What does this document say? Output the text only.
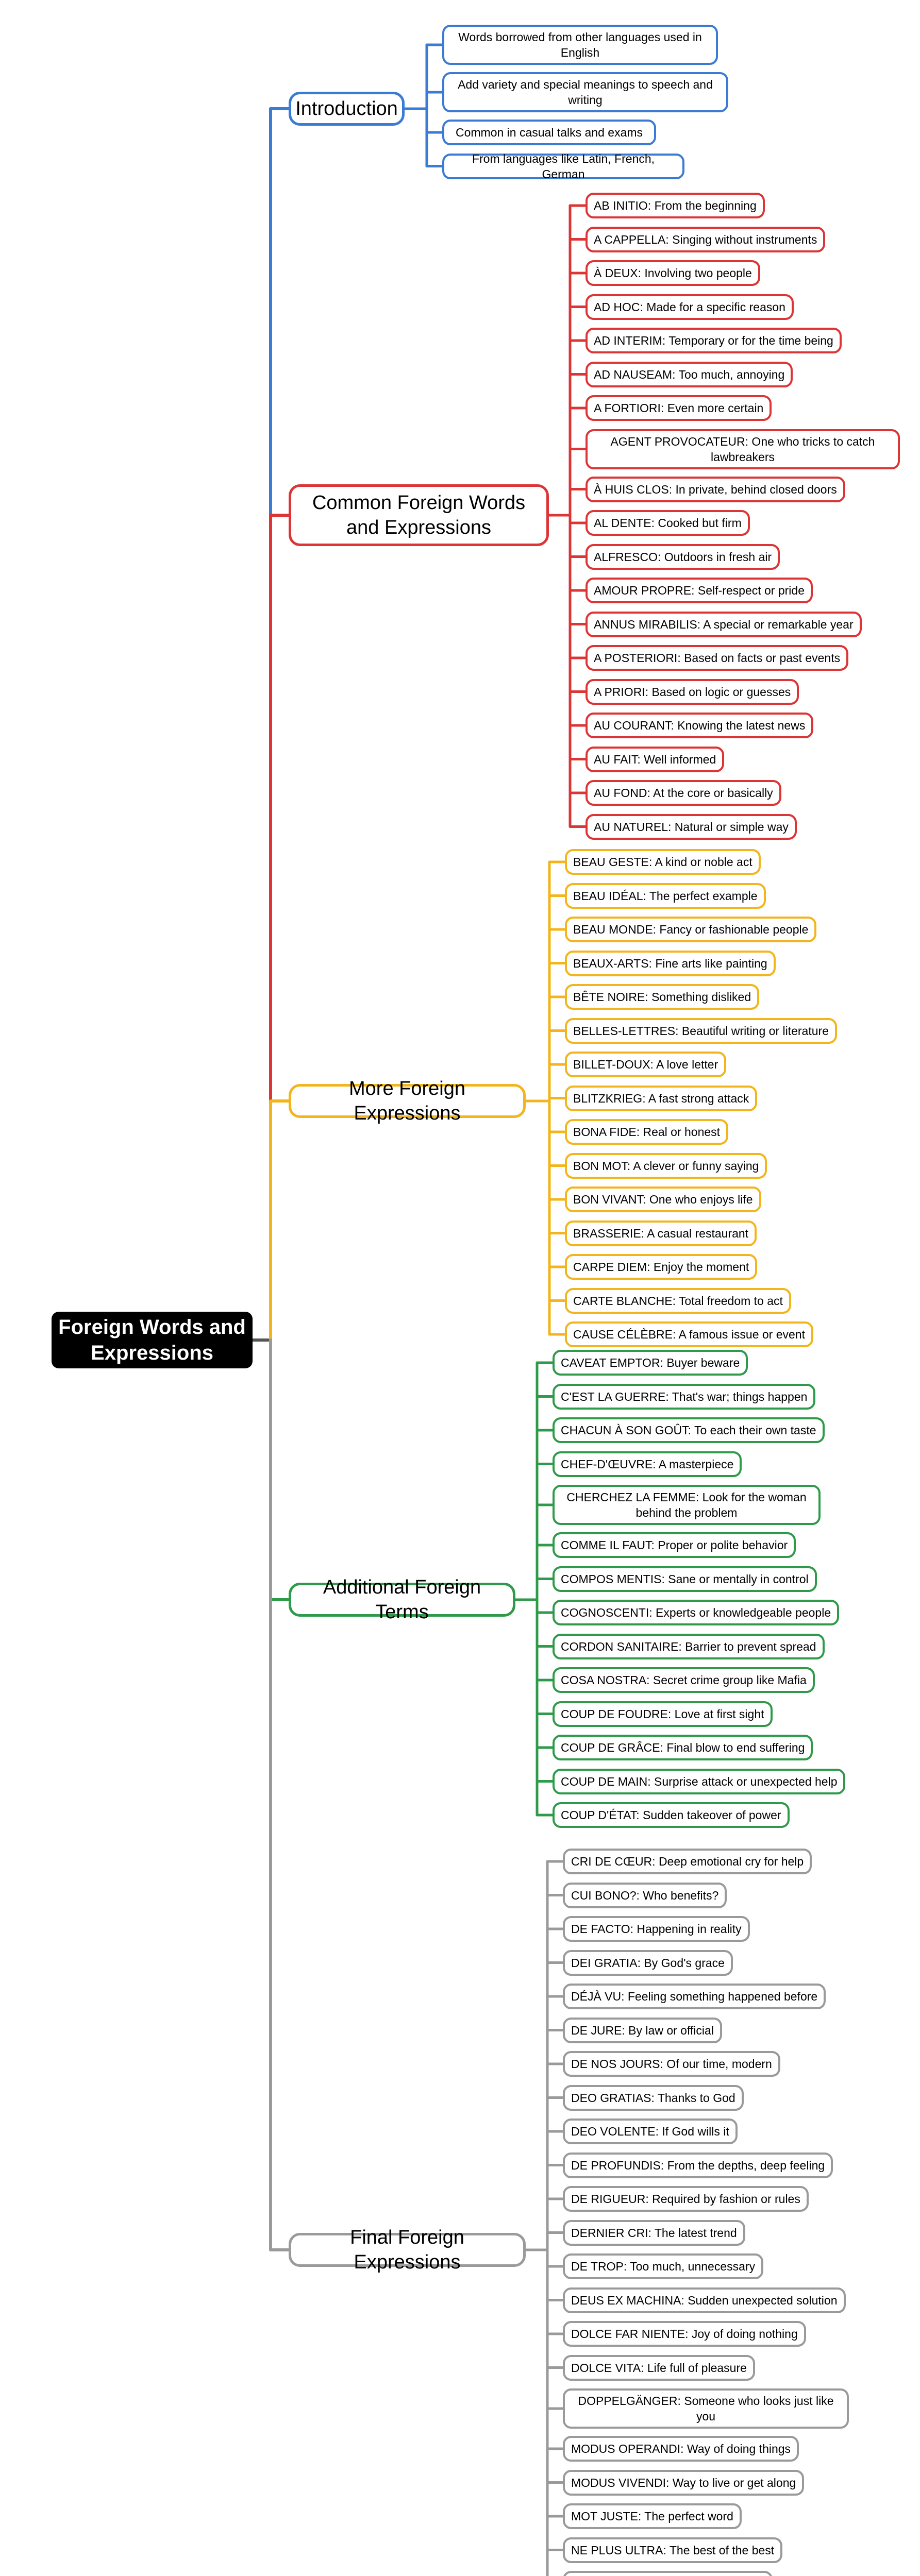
Foreign Words and Expressions
Introduction
Common Foreign Words and Expressions
More Foreign Expressions
Additional Foreign Terms
Final Foreign Expressions
Words borrowed from other languages used in English
Add variety and special meanings to speech and writing
Common in casual talks and exams
From languages like Latin, French, German
AB INITIO: From the beginning
A CAPPELLA: Singing without instruments
À DEUX: Involving two people
AD HOC: Made for a specific reason
AD INTERIM: Temporary or for the time being
AD NAUSEAM: Too much, annoying
A FORTIORI: Even more certain
AGENT PROVOCATEUR: One who tricks to catch lawbreakers
À HUIS CLOS: In private, behind closed doors
AL DENTE: Cooked but firm
ALFRESCO: Outdoors in fresh air
AMOUR PROPRE: Self-respect or pride
ANNUS MIRABILIS: A special or remarkable year
A POSTERIORI: Based on facts or past events
A PRIORI: Based on logic or guesses
AU COURANT: Knowing the latest news
AU FAIT: Well informed
AU FOND: At the core or basically
AU NATUREL: Natural or simple way
BEAU GESTE: A kind or noble act
BEAU IDÉAL: The perfect example
BEAU MONDE: Fancy or fashionable people
BEAUX-ARTS: Fine arts like painting
BÊTE NOIRE: Something disliked
BELLES-LETTRES: Beautiful writing or literature
BILLET-DOUX: A love letter
BLITZKRIEG: A fast strong attack
BONA FIDE: Real or honest
BON MOT: A clever or funny saying
BON VIVANT: One who enjoys life
BRASSERIE: A casual restaurant
CARPE DIEM: Enjoy the moment
CARTE BLANCHE: Total freedom to act
CAUSE CÉLÈBRE: A famous issue or event
CAVEAT EMPTOR: Buyer beware
C'EST LA GUERRE: That's war; things happen
CHACUN À SON GOÛT: To each their own taste
CHEF-D'ŒUVRE: A masterpiece
CHERCHEZ LA FEMME: Look for the woman behind the problem
COMME IL FAUT: Proper or polite behavior
COMPOS MENTIS: Sane or mentally in control
COGNOSCENTI: Experts or knowledgeable people
CORDON SANITAIRE: Barrier to prevent spread
COSA NOSTRA: Secret crime group like Mafia
COUP DE FOUDRE: Love at first sight
COUP DE GRÂCE: Final blow to end suffering
COUP DE MAIN: Surprise attack or unexpected help
COUP D'ÉTAT: Sudden takeover of power
CRI DE CŒUR: Deep emotional cry for help
CUI BONO?: Who benefits?
DE FACTO: Happening in reality
DEI GRATIA: By God's grace
DÉJÀ VU: Feeling something happened before
DE JURE: By law or official
DE NOS JOURS: Of our time, modern
DEO GRATIAS: Thanks to God
DEO VOLENTE: If God wills it
DE PROFUNDIS: From the depths, deep feeling
DE RIGUEUR: Required by fashion or rules
DERNIER CRI: The latest trend
DE TROP: Too much, unnecessary
DEUS EX MACHINA: Sudden unexpected solution
DOLCE FAR NIENTE: Joy of doing nothing
DOLCE VITA: Life full of pleasure
DOPPELGÄNGER: Someone who looks just like you
MODUS OPERANDI: Way of doing things
MODUS VIVENDI: Way to live or get along
MOT JUSTE: The perfect word
NE PLUS ULTRA: The best of the best
